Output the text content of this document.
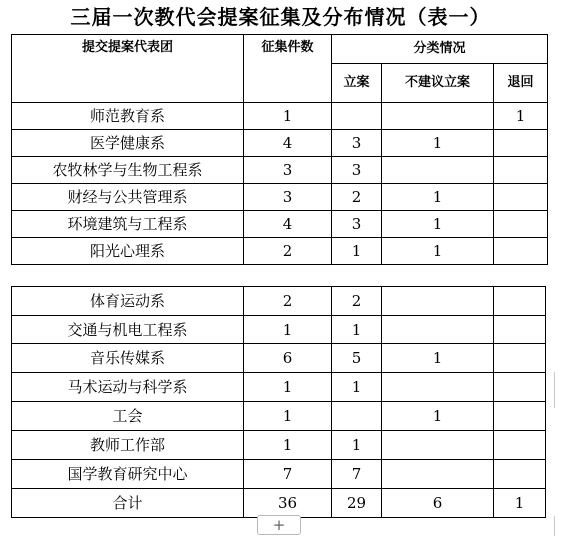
三届一次教代会提案征集及分布情况（表一）
提交提案代表团	征集件数	分类情况		
		立案	不建议立案	退回
师范教育系	1			1
医学健康系	4	3	1	
农牧林学与生物工程系	3	3		
财经与公共管理系	3	2	1	
环境建筑与工程系	4	3	1	
阳光心理系	2	1	1	
体育运动系	2	2		
交通与机电工程系	1	1		
音乐传媒系	6	5	1	
马术运动与科学系	1	1		
工会	1		1	
教师工作部	1	1		
国学教育研究中心	7	7		
合计	36	29	6	1
+
